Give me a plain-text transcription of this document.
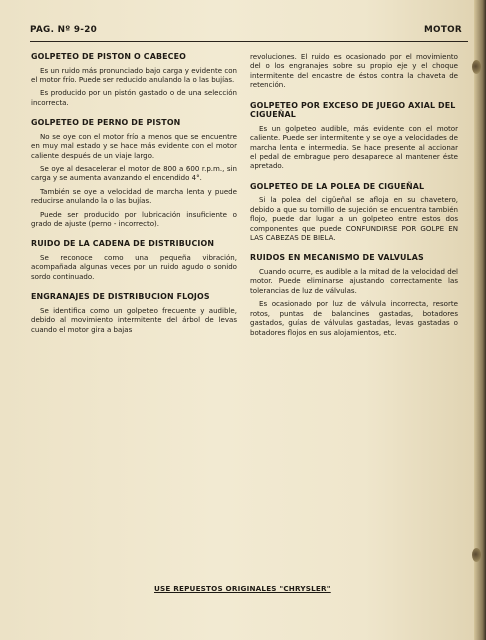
PAG. Nº 9-20	MOTOR
GOLPETEO DE PISTON O CABECEO

Es un ruido más pronunciado bajo carga y evidente con el motor frío. Puede ser reducido anulando la o las bujías.

Es producido por un pistón gastado o de una selección incorrecta.

GOLPETEO DE PERNO DE PISTON

No se oye con el motor frío a menos que se encuentre en muy mal estado y se hace más evidente con el motor caliente después de un viaje largo.

Se oye al desacelerar el motor de 800 a 600 r.p.m., sin carga y se aumenta avanzando el encendido 4°.

También se oye a velocidad de marcha lenta y puede reducirse anulando la o las bujías.

Puede ser producido por lubricación insuficiente o grado de ajuste (perno - incorrecto).

RUIDO DE LA CADENA DE DISTRIBUCION

Se reconoce como una pequeña vibración, acompañada algunas veces por un ruido agudo o sonido sordo continuado.

ENGRANAJES DE DISTRIBUCION FLOJOS

Se identifica como un golpeteo frecuente y audible, debido al movimiento intermitente del árbol de levas cuando el motor gira a bajas

revoluciones. El ruido es ocasionado por el movimiento del o los engranajes sobre su propio eje y el choque intermitente del encastre de éstos contra la chaveta de retención.

GOLPETEO POR EXCESO DE JUEGO AXIAL DEL CIGUEÑAL

Es un golpeteo audible, más evidente con el motor caliente. Puede ser intermitente y se oye a velocidades de marcha lenta e intermedia. Se hace presente al accionar el pedal de embrague pero desaparece al mantener éste apretado.

GOLPETEO DE LA POLEA DE CIGUEÑAL

Si la polea del cigüeñal se afloja en su chavetero, debido a que su tornillo de sujeción se encuentra también flojo, puede dar lugar a un golpeteo entre estos dos componentes que puede CONFUNDIRSE POR GOLPE EN LAS CABEZAS DE BIELA.

RUIDOS EN MECANISMO DE VALVULAS

Cuando ocurre, es audible a la mitad de la velocidad del motor. Puede eliminarse ajustando correctamente las tolerancias de luz de válvulas.

Es ocasionado por luz de válvula incorrecta, resorte rotos, puntas de balancines gastadas, botadores gastados, guías de válvulas gastadas, levas gastadas o botadores flojos en sus alojamientos, etc.

USE REPUESTOS ORIGINALES "CHRYSLER"
